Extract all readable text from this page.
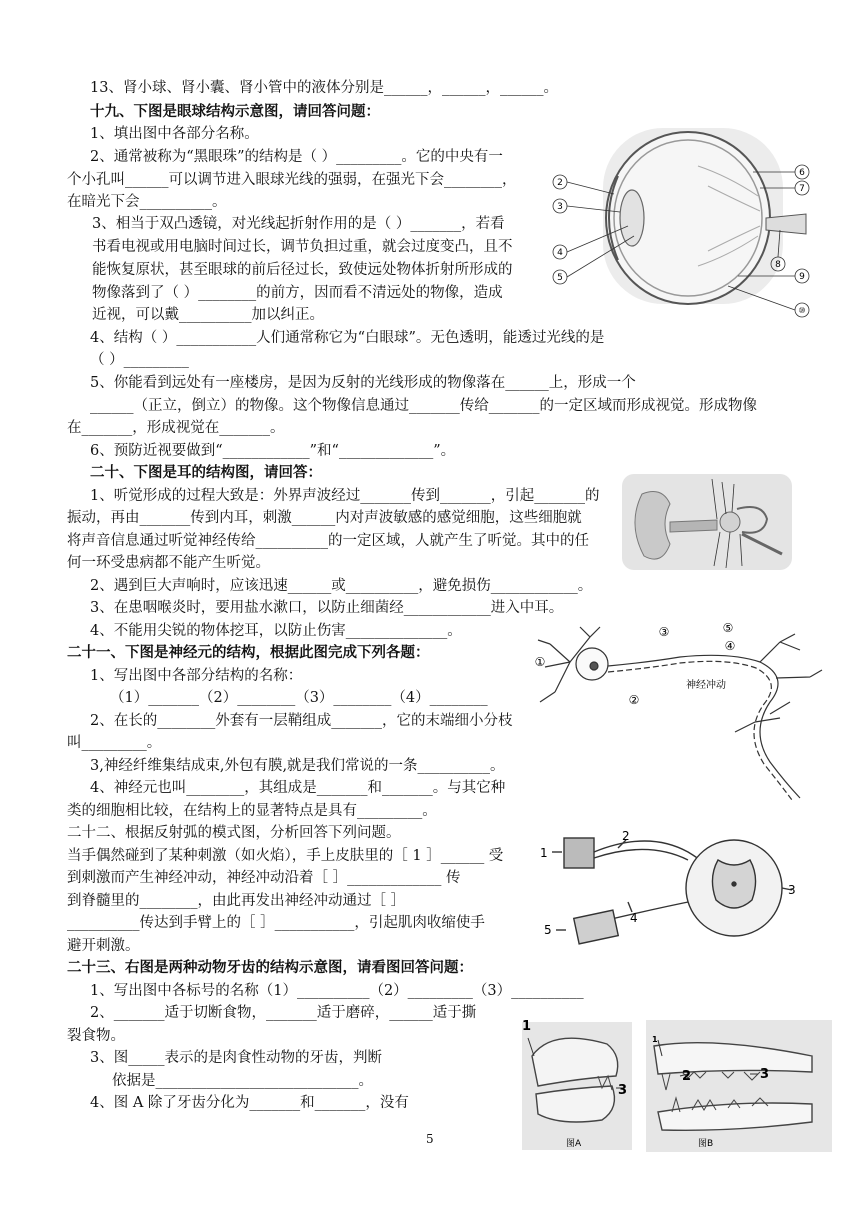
13、肾小球、肾小囊、肾小管中的液体分别是______，______，______。
十九、下图是眼球结构示意图，请回答问题：
1、填出图中各部分名称。
2、通常被称为“黑眼珠”的结构是（ ）_________。它的中央有一
个小孔叫______可以调节进入眼球光线的强弱，在强光下会________，
在暗光下会__________。
3、相当于双凸透镜，对光线起折射作用的是（ ）_______，若看
书看电视或用电脑时间过长，调节负担过重，就会过度变凸，且不
能恢复原状，甚至眼球的前后径过长，致使远处物体折射所形成的
物像落到了（ ）________的前方，因而看不清远处的物像，造成
近视，可以戴__________加以纠正。
4、结构（ ）___________人们通常称它为“白眼球”。无色透明，能透过光线的是
（ ）_________
5、你能看到远处有一座楼房，是因为反射的光线形成的物像落在______上，形成一个
______（正立，倒立）的物像。这个物像信息通过_______传给_______的一定区域而形成视觉。形成物像
在_______，形成视觉在_______。
6、预防近视要做到“____________”和“_____________”。
2
3
4
5
6
7
8
9
⑩
二十、下图是耳的结构图，请回答：
1、听觉形成的过程大致是：外界声波经过_______传到_______，引起_______的
振动，再由_______传到内耳，刺激______内对声波敏感的感觉细胞，这些细胞就
将声音信息通过听觉神经传给__________的一定区域，人就产生了听觉。其中的任
何一环受患病都不能产生听觉。
2、遇到巨大声响时，应该迅速______或__________，避免损伤____________。
3、在患咽喉炎时，要用盐水漱口，以防止细菌经____________进入中耳。
4、不能用尖锐的物体挖耳，以防止伤害______________。
二十一、下图是神经元的结构，根据此图完成下列各题：
1、写出图中各部分结构的名称：
（1）_______（2）________（3）________（4）________
2、在长的________外套有一层鞘组成_______，它的末端细小分枝
叫_________。
3,神经纤维集结成束,外包有膜,就是我们常说的一条__________。
4、神经元也叫________，其组成是_______和_______。与其它种
类的细胞相比较，在结构上的显著特点是具有_________。
①
②
③	⑤
④
神经冲动
二十二、根据反射弧的模式图，分析回答下列问题。
当手偶然碰到了某种刺激（如火焰），手上皮肤里的［ 1 ］______ 受
到刺激而产生神经冲动，神经冲动沿着［ ］_____________ 传
到脊髓里的________，由此再发出神经冲动通过［ ］
__________传达到手臂上的［ ］___________，引起肌肉收缩使手
避开刺激。
1
2
3
4
5
二十三、右图是两种动物牙齿的结构示意图，请看图回答问题：
1、写出图中各标号的名称（1）__________（2）_________（3）__________
2、_______适于切断食物，_______适于磨碎，______适于撕
裂食物。
3、图_____表示的是肉食性动物的牙齿，判断
依据是____________________________。
4、图 A 除了牙齿分化为_______和_______，没有
1
3
1
2	3
图A	图B
5
